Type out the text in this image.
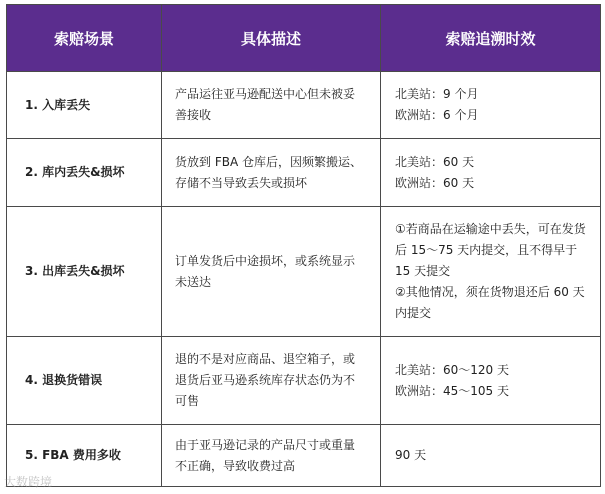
索赔场景	具体描述	索赔追溯时效
1. 入库丢失	产品运往亚马逊配送中心但未被妥善接收	北美站：9 个月
欧洲站：6 个月

2. 库内丢失&损坏	货放到 FBA 仓库后，因频繁搬运、存储不当导致丢失或损坏	北美站：60 天
欧洲站：60 天

3. 出库丢失&损坏	订单发货后中途损坏，或系统显示未送达	①若商品在运输途中丢失，可在发货后 15～75 天内提交，且不得早于 15 天提交
②其他情况，须在货物退还后 60 天内提交

4. 退换货错误	退的不是对应商品、退空箱子，或退货后亚马逊系统库存状态仍为不可售	北美站：60～120 天
欧洲站：45～105 天

5. FBA 费用多收	由于亚马逊记录的产品尺寸或重量不正确，导致收费过高	90 天
大数跨境
